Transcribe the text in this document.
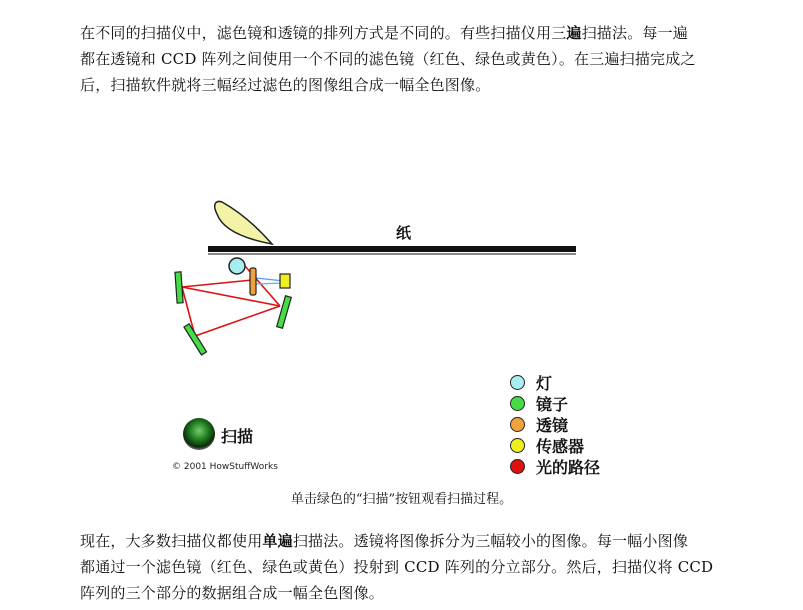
在不同的扫描仪中，滤色镜和透镜的排列方式是不同的。有些扫描仪用三遍扫描法。每一遍
都在透镜和 CCD 阵列之间使用一个不同的滤色镜（红色、绿色或黄色）。在三遍扫描完成之
后，扫描软件就将三幅经过滤色的图像组合成一幅全色图像。
纸
扫描
© 2001 HowStuffWorks
灯
镜子
透镜
传感器
光的路径
单击绿色的“扫描”按钮观看扫描过程。
现在，大多数扫描仪都使用单遍扫描法。透镜将图像拆分为三幅较小的图像。每一幅小图像
都通过一个滤色镜（红色、绿色或黄色）投射到 CCD 阵列的分立部分。然后，扫描仪将 CCD
阵列的三个部分的数据组合成一幅全色图像。
